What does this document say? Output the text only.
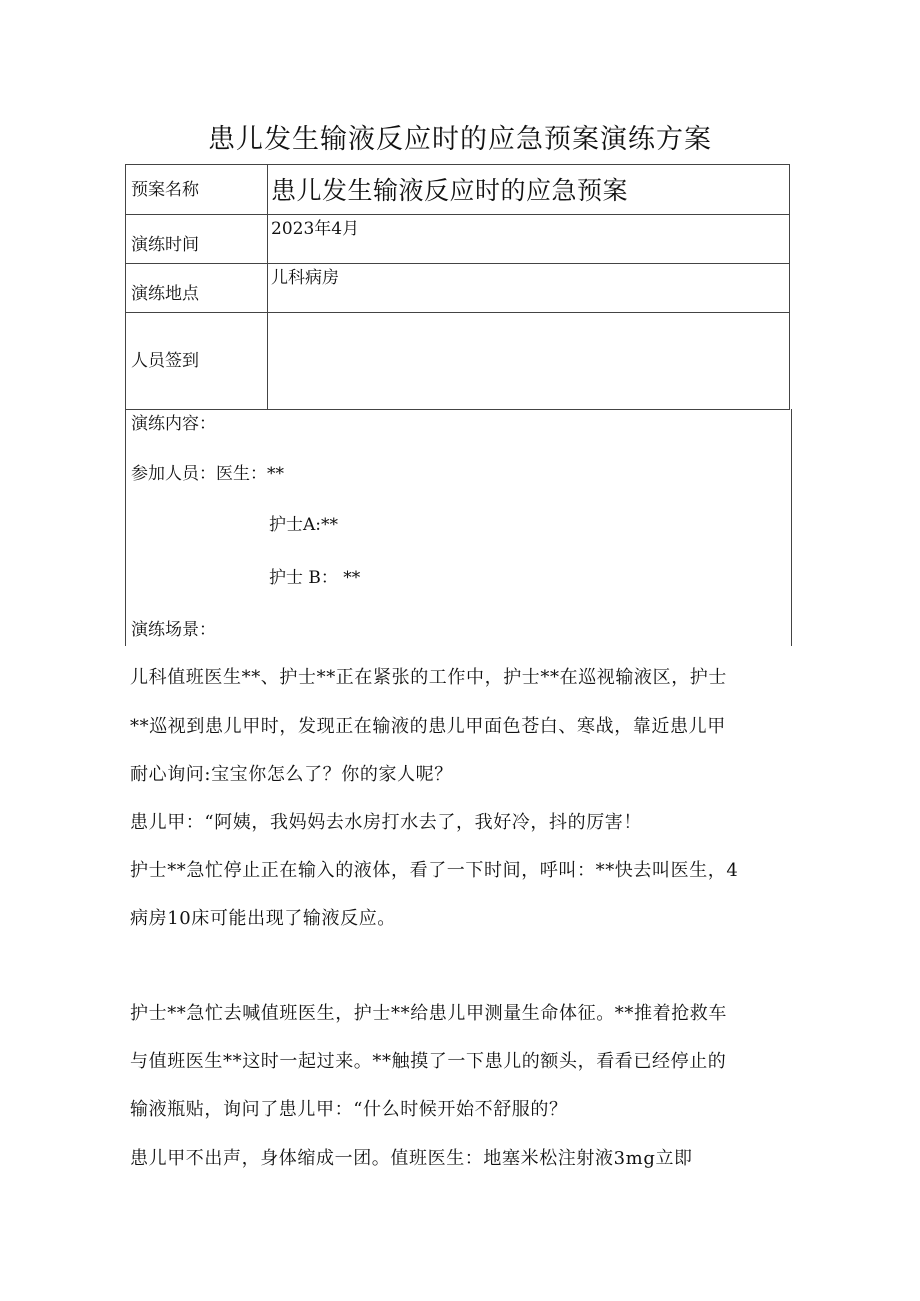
患儿发生输液反应时的应急预案演练方案
预案名称	患儿发生输液反应时的应急预案
演练时间	2023年4月
演练地点	儿科病房
人员签到	
演练内容：
参加人员：医生：**
护士A:**
护士 B： **
演练场景：
儿科值班医生**、护士**正在紧张的工作中，护士**在巡视输液区，护士
**巡视到患儿甲时，发现正在输液的患儿甲面色苍白、寒战，靠近患儿甲
耐心询问:宝宝你怎么了？你的家人呢？
患儿甲：“阿姨，我妈妈去水房打水去了，我好冷，抖的厉害！
护士**急忙停止正在输入的液体，看了一下时间，呼叫：**快去叫医生，4
病房10床可能出现了输液反应。
护士**急忙去喊值班医生，护士**给患儿甲测量生命体征。**推着抢救车
与值班医生**这时一起过来。**触摸了一下患儿的额头，看看已经停止的
输液瓶贴，询问了患儿甲：“什么时候开始不舒服的？
患儿甲不出声，身体缩成一团。值班医生：地塞米松注射液3mg立即
